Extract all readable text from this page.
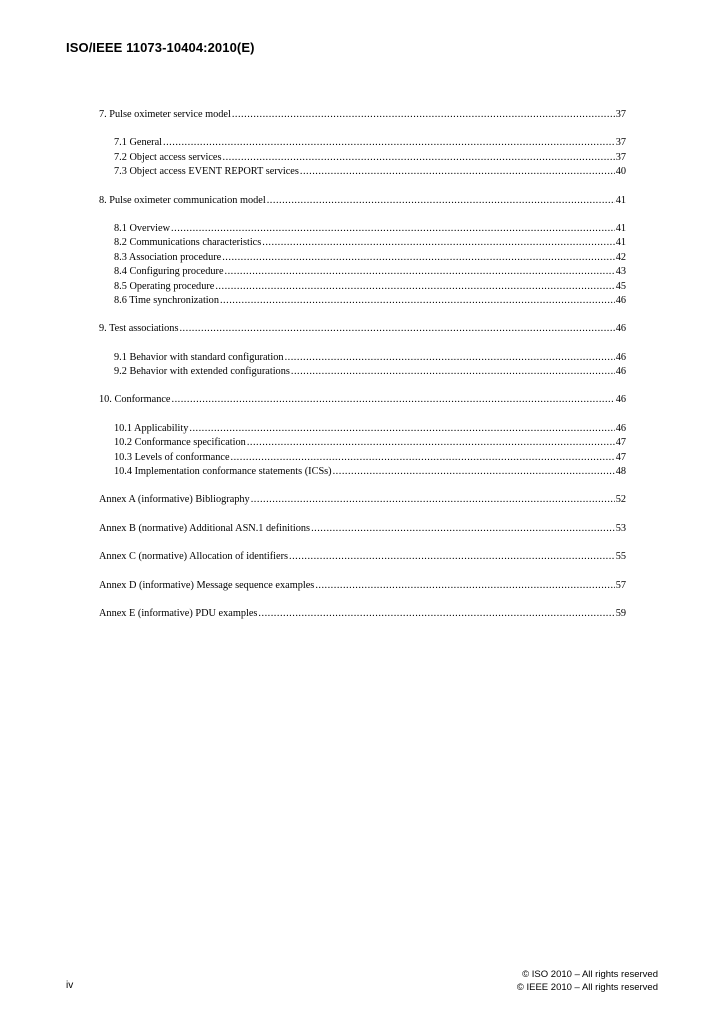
ISO/IEEE 11073-10404:2010(E)
7. Pulse oximeter service model .....	37
7.1 General .....	37
7.2 Object access services .....	37
7.3 Object access EVENT REPORT services .....	40
8. Pulse oximeter communication model .....	41
8.1 Overview .....	41
8.2 Communications characteristics .....	41
8.3 Association procedure .....	42
8.4 Configuring procedure .....	43
8.5 Operating procedure .....	45
8.6 Time synchronization .....	46
9. Test associations .....	46
9.1 Behavior with standard configuration .....	46
9.2 Behavior with extended configurations .....	46
10. Conformance .....	46
10.1 Applicability .....	46
10.2 Conformance specification .....	47
10.3 Levels of conformance .....	47
10.4 Implementation conformance statements (ICSs) .....	48
Annex A (informative) Bibliography .....	52
Annex B (normative) Additional ASN.1 definitions .....	53
Annex C (normative) Allocation of identifiers .....	55
Annex D (informative) Message sequence examples .....	57
Annex E (informative) PDU examples .....	59
iv
© ISO 2010 – All rights reserved
© IEEE 2010 – All rights reserved
